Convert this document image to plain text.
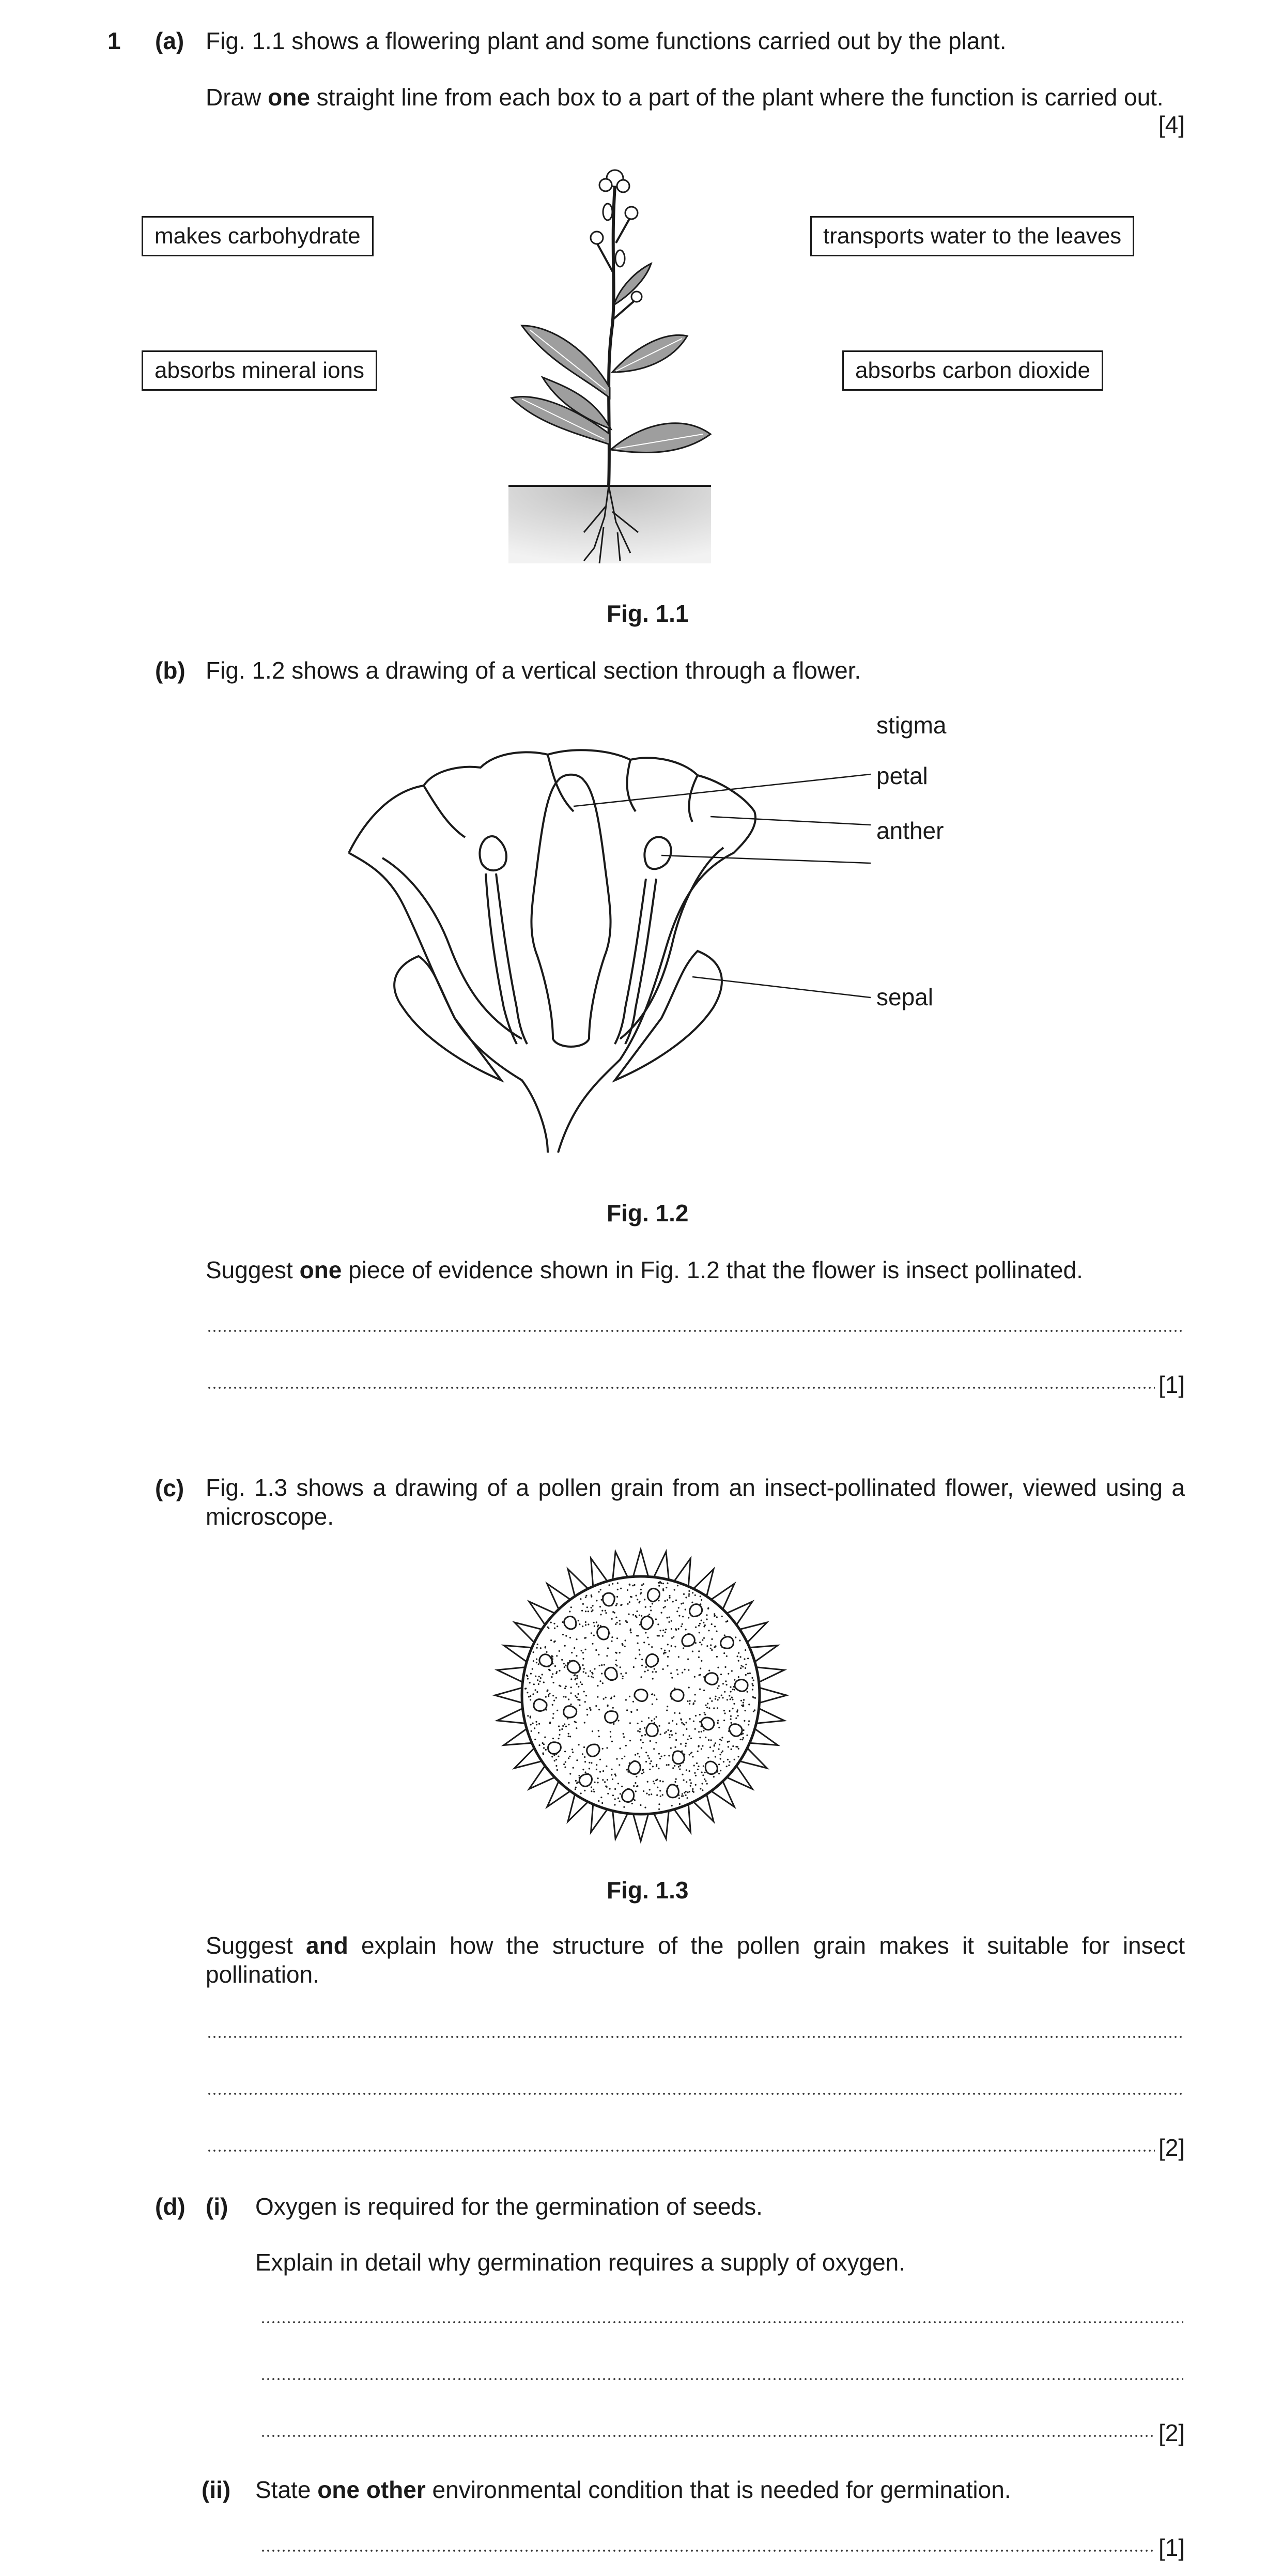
1 (a) Fig. 1.1 shows a flowering plant and some functions carried out by the plant.
Draw one straight line from each box to a part of the plant where the function is carried out.
[4]
makes carbohydrate	transports water to the leaves
absorbs mineral ions	absorbs carbon dioxide
Fig. 1.1
(b) Fig. 1.2 shows a drawing of a vertical section through a flower.
stigma
petal
anther
sepal
Fig. 1.2
Suggest one piece of evidence shown in Fig. 1.2 that the flower is insect pollinated.
[1]
(c) Fig. 1.3 shows a drawing of a pollen grain from an insect-pollinated flower, viewed using a microscope.
Fig. 1.3
Suggest and explain how the structure of the pollen grain makes it suitable for insect pollination.
[2]
(d) (i) Oxygen is required for the germination of seeds.
Explain in detail why germination requires a supply of oxygen.
[2]
(ii) State one other environmental condition that is needed for germination.
[1]
